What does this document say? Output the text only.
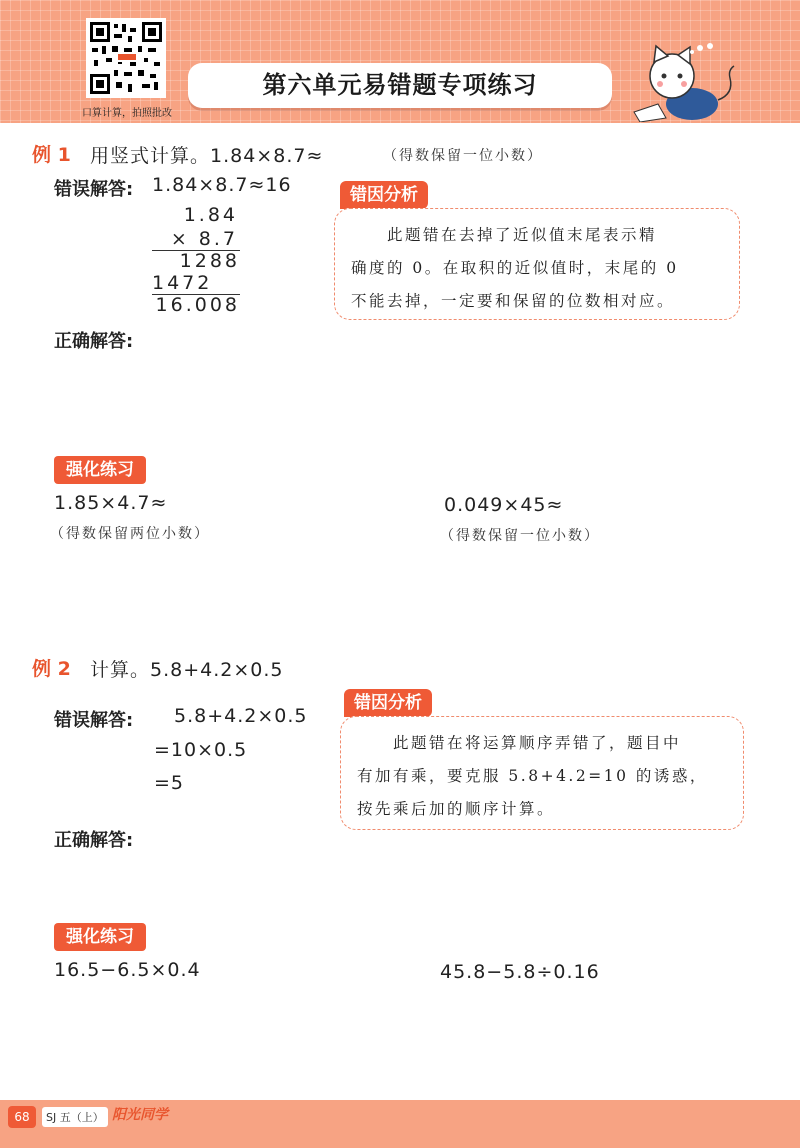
口算计算，拍照批改
第六单元易错题专项练习
例 1 用竖式计算。1.84×8.7≈	（得数保留一位小数）
错误解答: 1.84×8.7≈16
1.84
× 8.7
1288
1472
16.008
错因分析

　　此题错在去掉了近似值末尾表示精

确度的 0。在取积的近似值时，末尾的 0

不能去掉，一定要和保留的位数相对应。

正确解答:
强化练习
1.85×4.7≈
（得数保留两位小数）
0.049×45≈
（得数保留一位小数）
例 2 计算。5.8+4.2×0.5
错误解答: 5.8+4.2×0.5
=10×0.5
=5
错因分析

　　此题错在将运算顺序弄错了，题目中

有加有乘，要克服 5.8+4.2=10 的诱惑，

按先乘后加的顺序计算。

正确解答:
强化练习
16.5−6.5×0.4	45.8−5.8÷0.16
68	SJ 五（上） 阳光同学
